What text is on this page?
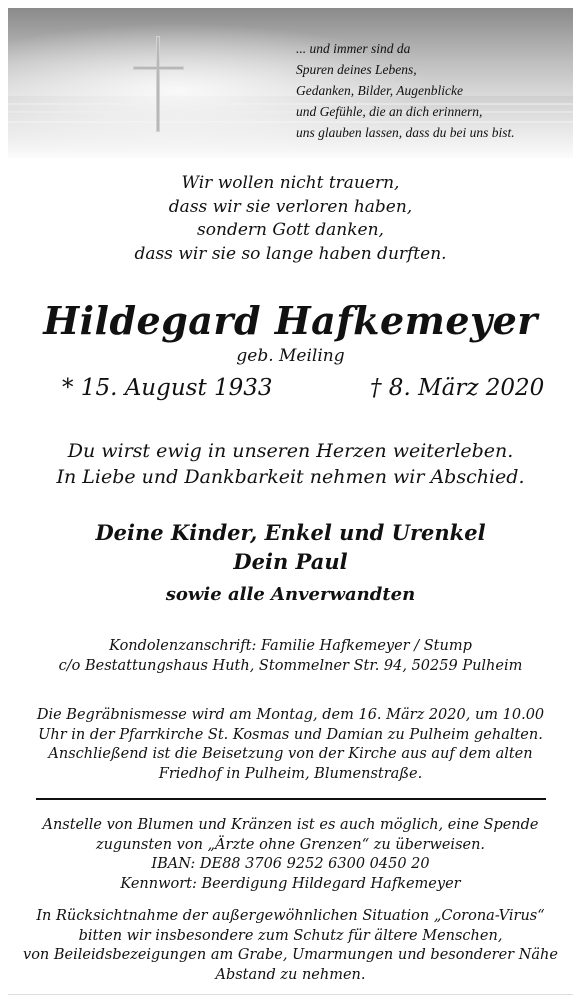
... und immer sind da
Spuren deines Lebens,
Gedanken, Bilder, Augenblicke
und Gefühle, die an dich erinnern,
uns glauben lassen, dass du bei uns bist.
Wir wollen nicht trauern,
dass wir sie verloren haben,
sondern Gott danken,
dass wir sie so lange haben durften.
Hildegard Hafkemeyer
geb. Meiling
* 15. August 1933	† 8. März 2020
Du wirst ewig in unseren Herzen weiterleben.
In Liebe und Dankbarkeit nehmen wir Abschied.
Deine Kinder, Enkel und Urenkel
Dein Paul
sowie alle Anverwandten
Kondolenzanschrift: Familie Hafkemeyer / Stump
c/o Bestattungshaus Huth, Stommelner Str. 94, 50259 Pulheim
Die Begräbnismesse wird am Montag, dem 16. März 2020, um 10.00
Uhr in der Pfarrkirche St. Kosmas und Damian zu Pulheim gehalten.
Anschließend ist die Beisetzung von der Kirche aus auf dem alten
Friedhof in Pulheim, Blumenstraße.
Anstelle von Blumen und Kränzen ist es auch möglich, eine Spende
zugunsten von „Ärzte ohne Grenzen“ zu überweisen.
IBAN: DE88 3706 9252 6300 0450 20
Kennwort: Beerdigung Hildegard Hafkemeyer
In Rücksichtnahme der außergewöhnlichen Situation „Corona-Virus“
bitten wir insbesondere zum Schutz für ältere Menschen,
von Beileidsbezeigungen am Grabe, Umarmungen und besonderer Nähe
Abstand zu nehmen.
